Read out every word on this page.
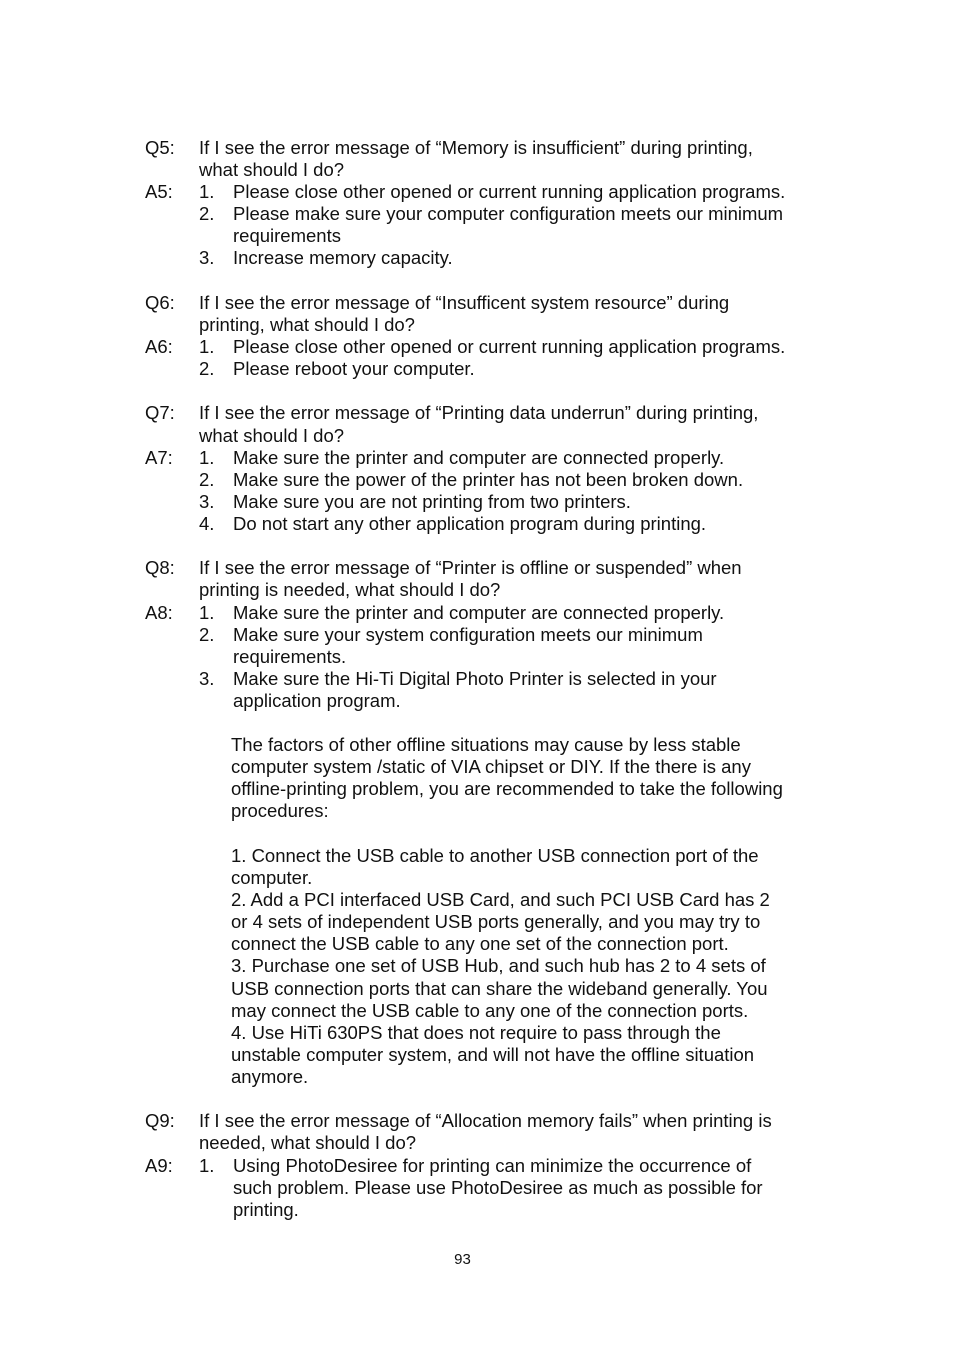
Q5: If I see the error message of “Memory is insufficient” during printing,
what should I do?
A5: 1. Please close other opened or current running application programs.
2. Please make sure your computer configuration meets our minimum
requirements
3. Increase memory capacity.
Q6: If I see the error message of “Insufficent system resource” during
printing, what should I do?
A6: 1. Please close other opened or current running application programs.
2. Please reboot your computer.
Q7: If I see the error message of “Printing data underrun” during printing,
what should I do?
A7: 1. Make sure the printer and computer are connected properly.
2. Make sure the power of the printer has not been broken down.
3. Make sure you are not printing from two printers.
4. Do not start any other application program during printing.
Q8: If I see the error message of “Printer is offline or suspended” when
printing is needed, what should I do?
A8: 1. Make sure the printer and computer are connected properly.
2. Make sure your system configuration meets our minimum
requirements.
3. Make sure the Hi-Ti Digital Photo Printer is selected in your
application program.
The factors of other offline situations may cause by less stable
computer system /static of VIA chipset or DIY. If the there is any
offline-printing problem, you are recommended to take the following
procedures:
1. Connect the USB cable to another USB connection port of the
computer.
2. Add a PCI interfaced USB Card, and such PCI USB Card has 2
or 4 sets of independent USB ports generally, and you may try to
connect the USB cable to any one set of the connection port.
3. Purchase one set of USB Hub, and such hub has 2 to 4 sets of
USB connection ports that can share the wideband generally. You
may connect the USB cable to any one of the connection ports.
4. Use HiTi 630PS that does not require to pass through the
unstable computer system, and will not have the offline situation
anymore.
Q9: If I see the error message of “Allocation memory fails” when printing is
needed, what should I do?
A9: 1. Using PhotoDesiree for printing can minimize the occurrence of
such problem. Please use PhotoDesiree as much as possible for
printing.
93
